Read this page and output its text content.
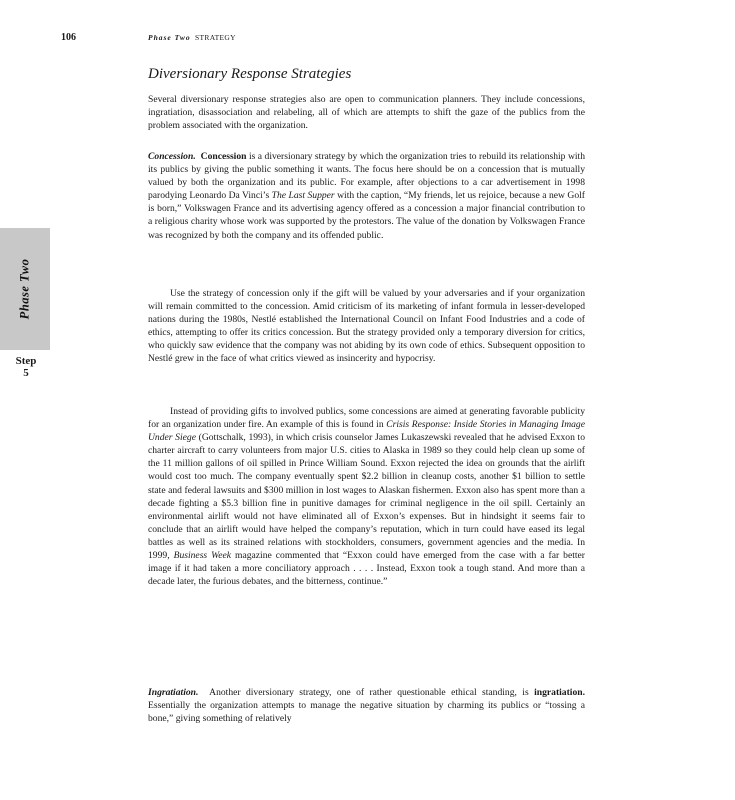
106	Phase Two STRATEGY
Phase Two
Step
5
Diversionary Response Strategies

Several diversionary response strategies also are open to communication planners. They include concessions, ingratiation, disassociation and relabeling, all of which are attempts to shift the gaze of the publics from the problem associated with the organization.

Concession. Concession is a diversionary strategy by which the organization tries to rebuild its relationship with its publics by giving the public something it wants. The focus here should be on a concession that is mutually valued by both the organization and its public. For example, after objections to a car advertisement in 1998 parodying Leonardo Da Vinci’s The Last Supper with the caption, “My friends, let us rejoice, because a new Golf is born,” Volkswagen France and its advertising agency offered as a concession a major financial contribution to a religious charity whose work was supported by the protestors. The value of the donation by Volkswagen France was recognized by both the company and its offended public.

Use the strategy of concession only if the gift will be valued by your adversaries and if your organization will remain committed to the concession. Amid criticism of its marketing of infant formula in lesser-developed nations during the 1980s, Nestlé established the International Council on Infant Food Industries and a code of ethics, attempting to offer its critics concession. But the strategy provided only a temporary diversion for critics, who quickly saw evidence that the company was not abiding by its own code of ethics. Subsequent opposition to Nestlé grew in the face of what critics viewed as insincerity and hypocrisy.

Instead of providing gifts to involved publics, some concessions are aimed at generating favorable publicity for an organization under fire. An example of this is found in Crisis Response: Inside Stories in Managing Image Under Siege (Gottschalk, 1993), in which crisis counselor James Lukaszewski revealed that he advised Exxon to charter aircraft to carry volunteers from major U.S. cities to Alaska in 1989 so they could help clean up some of the 11 million gallons of oil spilled in Prince William Sound. Exxon rejected the idea on grounds that the airlift would cost too much. The company eventually spent $2.2 billion in cleanup costs, another $1 billion to settle state and federal lawsuits and $300 million in lost wages to Alaskan fishermen. Exxon also has spent more than a decade fighting a $5.3 billion fine in punitive damages for criminal negligence in the oil spill. Certainly an environmental airlift would not have eliminated all of Exxon’s expenses. But in hindsight it seems fair to conclude that an airlift would have helped the company’s reputation, which in turn could have eased its legal battles as well as its strained relations with stockholders, consumers, government agencies and the media. In 1999, Business Week magazine commented that “Exxon could have emerged from the case with a far better image if it had taken a more conciliatory approach . . . . Instead, Exxon took a tough stand. And more than a decade later, the furious debates, and the bitterness, continue.”

Ingratiation. Another diversionary strategy, one of rather questionable ethical standing, is ingratiation. Essentially the organization attempts to manage the negative situation by charming its publics or “tossing a bone,” giving something of relatively
